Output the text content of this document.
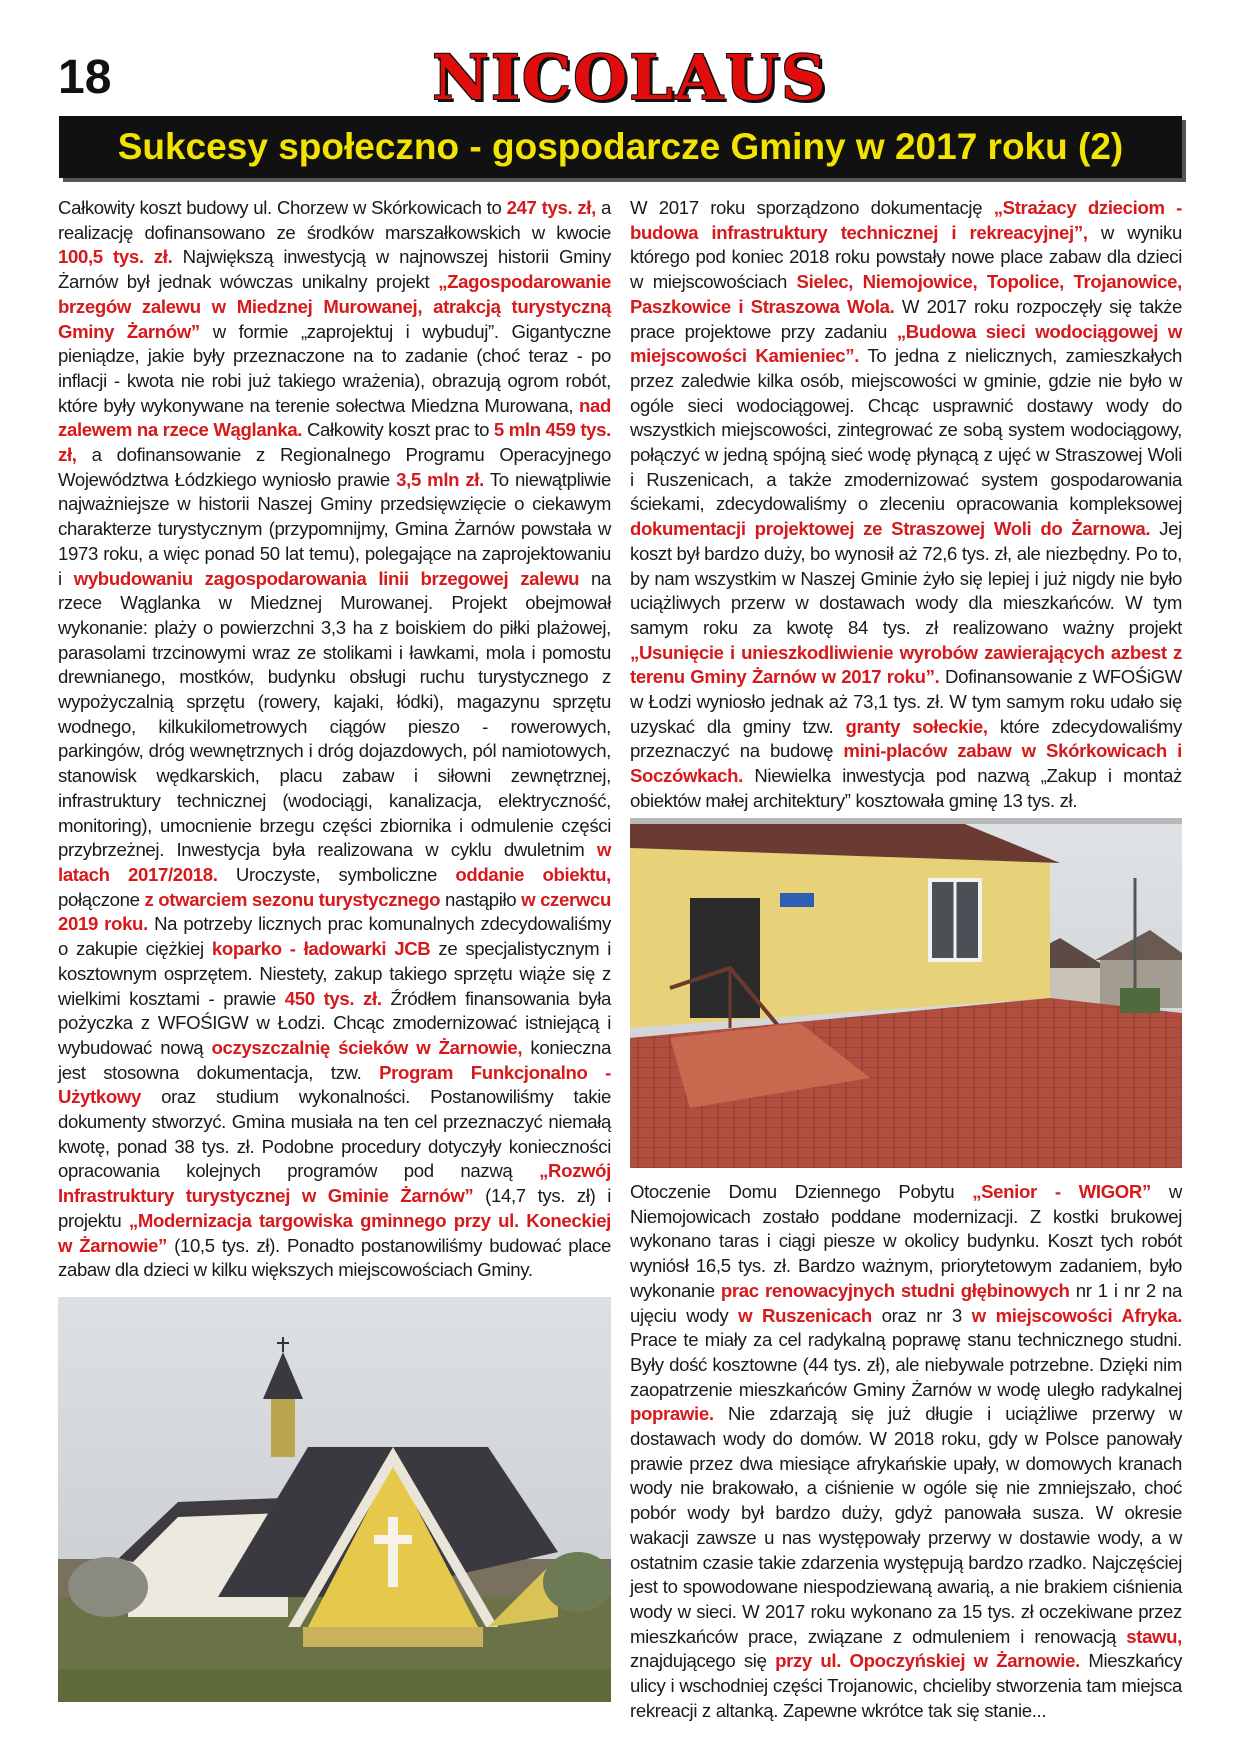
18	NICOLAUS
Sukcesy społeczno - gospodarcze Gminy w 2017 roku (2)

Całkowity koszt budowy ul. Chorzew w Skórkowicach to 247 tys. zł, a realizację dofinansowano ze środków marszałkowskich w kwocie 100,5 tys. zł. Największą inwestycją w najnowszej historii Gminy Żarnów był jednak wówczas unikalny projekt „Zagospodarowanie brzegów zalewu w Miedznej Murowanej, atrakcją turystyczną Gminy Żarnów” w formie „zaprojektuj i wybuduj”. Gigantyczne pieniądze, jakie były przeznaczone na to zadanie (choć teraz - po inflacji - kwota nie robi już takiego wrażenia), obrazują ogrom robót, które były wykonywane na terenie sołectwa Miedzna Murowana, nad zalewem na rzece Wąglanka. Całkowity koszt prac to 5 mln 459 tys. zł, a dofinansowanie z Regionalnego Programu Operacyjnego Województwa Łódzkiego wyniosło prawie 3,5 mln zł. To niewątpliwie najważniejsze w historii Naszej Gminy przedsięwzięcie o ciekawym charakterze turystycznym (przypomnijmy, Gmina Żarnów powstała w 1973 roku, a więc ponad 50 lat temu), polegające na zaprojektowaniu i wybudowaniu zagospodarowania linii brzegowej zalewu na rzece Wąglanka w Miedznej Murowanej. Projekt obejmował wykonanie: plaży o powierzchni 3,3 ha z boiskiem do piłki plażowej, parasolami trzcinowymi wraz ze stolikami i ławkami, mola i pomostu drewnianego, mostków, budynku obsługi ruchu turystycznego z wypożyczalnią sprzętu (rowery, kajaki, łódki), magazynu sprzętu wodnego, kilkukilometrowych ciągów pieszo - rowerowych, parkingów, dróg wewnętrznych i dróg dojazdowych, pól namiotowych, stanowisk wędkarskich, placu zabaw i siłowni zewnętrznej, infrastruktury technicznej (wodociągi, kanalizacja, elektryczność, monitoring), umocnienie brzegu części zbiornika i odmulenie części przybrzeżnej. Inwestycja była realizowana w cyklu dwuletnim w latach 2017/2018. Uroczyste, symboliczne oddanie obiektu, połączone z otwarciem sezonu turystycznego nastąpiło w czerwcu 2019 roku. Na potrzeby licznych prac komunalnych zdecydowaliśmy o zakupie ciężkiej koparko - ładowarki JCB ze specjalistycznym i kosztownym osprzętem. Niestety, zakup takiego sprzętu wiąże się z wielkimi kosztami - prawie 450 tys. zł. Źródłem finansowania była pożyczka z WFOŚIGW w Łodzi. Chcąc zmodernizować istniejącą i wybudować nową oczyszczalnię ścieków w Żarnowie, konieczna jest stosowna dokumentacja, tzw. Program Funkcjonalno - Użytkowy oraz studium wykonalności. Postanowiliśmy takie dokumenty stworzyć. Gmina musiała na ten cel przeznaczyć niemałą kwotę, ponad 38 tys. zł. Podobne procedury dotyczyły konieczności opracowania kolejnych programów pod nazwą „Rozwój Infrastruktury turystycznej w Gminie Żarnów” (14,7 tys. zł) i projektu „Modernizacja targowiska gminnego przy ul. Koneckiej w Żarnowie” (10,5 tys. zł). Ponadto postanowiliśmy budować place zabaw dla dzieci w kilku większych miejscowościach Gminy.

W 2017 roku sporządzono dokumentację „Strażacy dzieciom - budowa infrastruktury technicznej i rekreacyjnej”, w wyniku którego pod koniec 2018 roku powstały nowe place zabaw dla dzieci w miejscowościach Sielec, Niemojowice, Topolice, Trojanowice, Paszkowice i Straszowa Wola. W 2017 roku rozpoczęły się także prace projektowe przy zadaniu „Budowa sieci wodociągowej w miejscowości Kamieniec”. To jedna z nielicznych, zamieszkałych przez zaledwie kilka osób, miejscowości w gminie, gdzie nie było w ogóle sieci wodociągowej. Chcąc usprawnić dostawy wody do wszystkich miejscowości, zintegrować ze sobą system wodociągowy, połączyć w jedną spójną sieć wodę płynącą z ujęć w Straszowej Woli i Ruszenicach, a także zmodernizować system gospodarowania ściekami, zdecydowaliśmy o zleceniu opracowania kompleksowej dokumentacji projektowej ze Straszowej Woli do Żarnowa. Jej koszt był bardzo duży, bo wynosił aż 72,6 tys. zł, ale niezbędny. Po to, by nam wszystkim w Naszej Gminie żyło się lepiej i już nigdy nie było uciążliwych przerw w dostawach wody dla mieszkańców. W tym samym roku za kwotę 84 tys. zł realizowano ważny projekt „Usunięcie i unieszkodliwienie wyrobów zawierających azbest z terenu Gminy Żarnów w 2017 roku”. Dofinansowanie z WFOŚiGW w Łodzi wyniosło jednak aż 73,1 tys. zł. W tym samym roku udało się uzyskać dla gminy tzw. granty sołeckie, które zdecydowaliśmy przeznaczyć na budowę mini-placów zabaw w Skórkowicach i Soczówkach. Niewielka inwestycja pod nazwą „Zakup i montaż obiektów małej architektury” kosztowała gminę 13 tys. zł.

Otoczenie Domu Dziennego Pobytu „Senior - WIGOR” w Niemojowicach zostało poddane modernizacji. Z kostki brukowej wykonano taras i ciągi piesze w okolicy budynku. Koszt tych robót wyniósł 16,5 tys. zł. Bardzo ważnym, priorytetowym zadaniem, było wykonanie prac renowacyjnych studni głębinowych nr 1 i nr 2 na ujęciu wody w Ruszenicach oraz nr 3 w miejscowości Afryka. Prace te miały za cel radykalną poprawę stanu technicznego studni. Były dość kosztowne (44 tys. zł), ale niebywale potrzebne. Dzięki nim zaopatrzenie mieszkańców Gminy Żarnów w wodę uległo radykalnej poprawie. Nie zdarzają się już długie i uciążliwe przerwy w dostawach wody do domów. W 2018 roku, gdy w Polsce panowały prawie przez dwa miesiące afrykańskie upały, w domowych kranach wody nie brakowało, a ciśnienie w ogóle się nie zmniejszało, choć pobór wody był bardzo duży, gdyż panowała susza. W okresie wakacji zawsze u nas występowały przerwy w dostawie wody, a w ostatnim czasie takie zdarzenia występują bardzo rzadko. Najczęściej jest to spowodowane niespodziewaną awarią, a nie brakiem ciśnienia wody w sieci. W 2017 roku wykonano za 15 tys. zł oczekiwane przez mieszkańców prace, związane z odmuleniem i renowacją stawu, znajdującego się przy ul. Opoczyńskiej w Żarnowie. Mieszkańcy ulicy i wschodniej części Trojanowic, chcieliby stworzenia tam miejsca rekreacji z altanką. Zapewne wkrótce tak się stanie...
